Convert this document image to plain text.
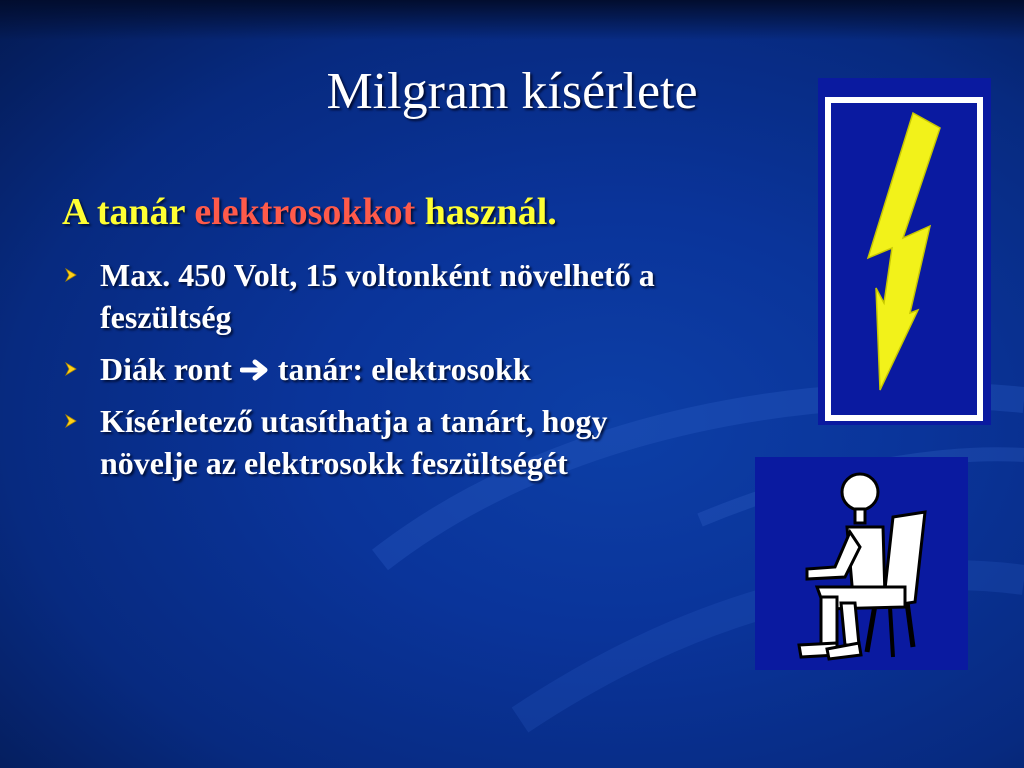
Milgram kísérlete
A tanár elektrosokkot használ.
Max. 450 Volt, 15 voltonként növelhető a feszültség
Diák ront  tanár: elektrosokk
Kísérletező utasíthatja a tanárt, hogy növelje az elektrosokk feszültségét
